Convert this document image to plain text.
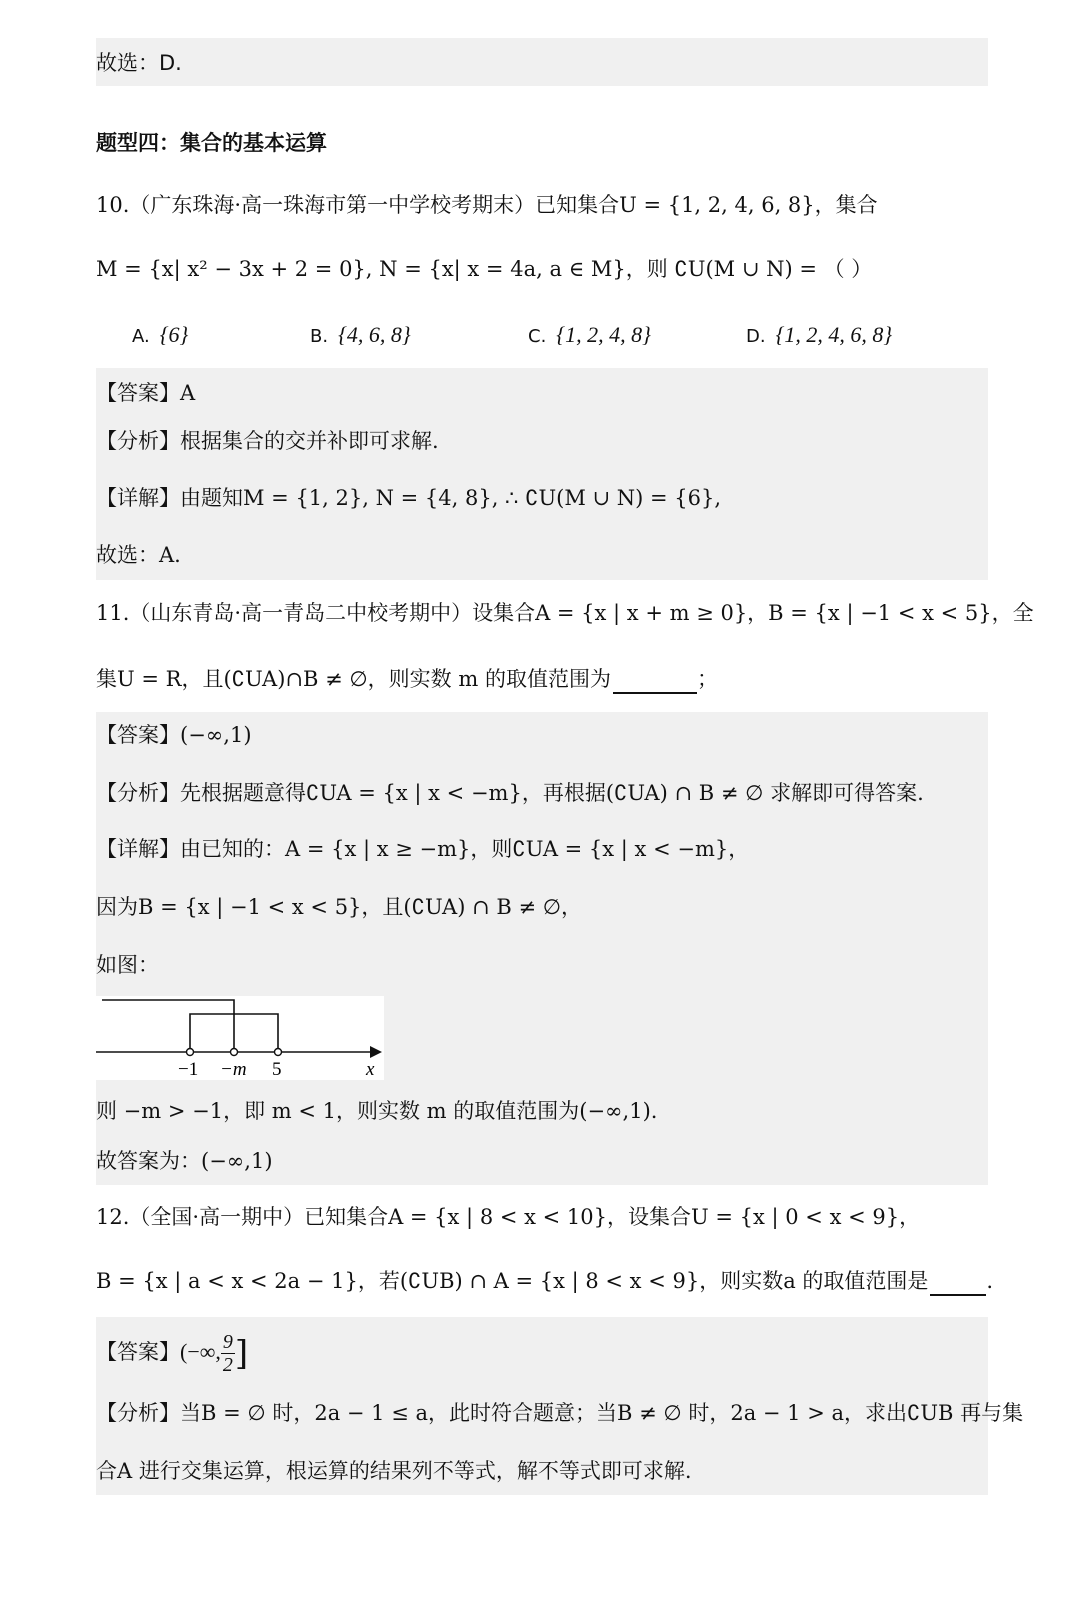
故选：D.
题型四：集合的基本运算
10.（广东珠海·高一珠海市第一中学校考期末）已知集合U = {1, 2, 4, 6, 8}，集合
M = {x| x² − 3x + 2 = 0}, N = {x| x = 4a, a ∈ M}，则 ∁U(M ∪ N) = （ ）
A. {6}	B. {4, 6, 8}	C. {1, 2, 4, 8}	D. {1, 2, 4, 6, 8}
【答案】A
【分析】根据集合的交并补即可求解.
【详解】由题知M = {1, 2}, N = {4, 8}, ∴ ∁U(M ∪ N) = {6},
故选：A.
11.（山东青岛·高一青岛二中校考期中）设集合A = {x | x + m ≥ 0}，B = {x | −1 < x < 5}，全
集U = R，且(∁UA)∩B ≠ ∅，则实数 m 的取值范围为	；
【答案】(−∞,1)
【分析】先根据题意得∁UA = {x | x < −m}，再根据(∁UA) ∩ B ≠ ∅ 求解即可得答案.
【详解】由已知的：A = {x | x ≥ −m}，则∁UA = {x | x < −m}，
因为B = {x | −1 < x < 5}，且(∁UA) ∩ B ≠ ∅，
如图：
−1 −m 5	x
则 −m > −1，即 m < 1，则实数 m 的取值范围为(−∞,1).
故答案为：(−∞,1)
12.（全国·高一期中）已知集合A = {x | 8 < x < 10}，设集合U = {x | 0 < x < 9}，
B = {x | a < x < 2a − 1}，若(∁UB) ∩ A = {x | 8 < x < 9}，则实数a 的取值范围是	.
【答案】(−∞, $\frac{9}{2}$ ]
【分析】当B = ∅ 时，2a − 1 ≤ a，此时符合题意；当B ≠ ∅ 时，2a − 1 > a，求出∁UB 再与集
合A 进行交集运算，根运算的结果列不等式，解不等式即可求解.
